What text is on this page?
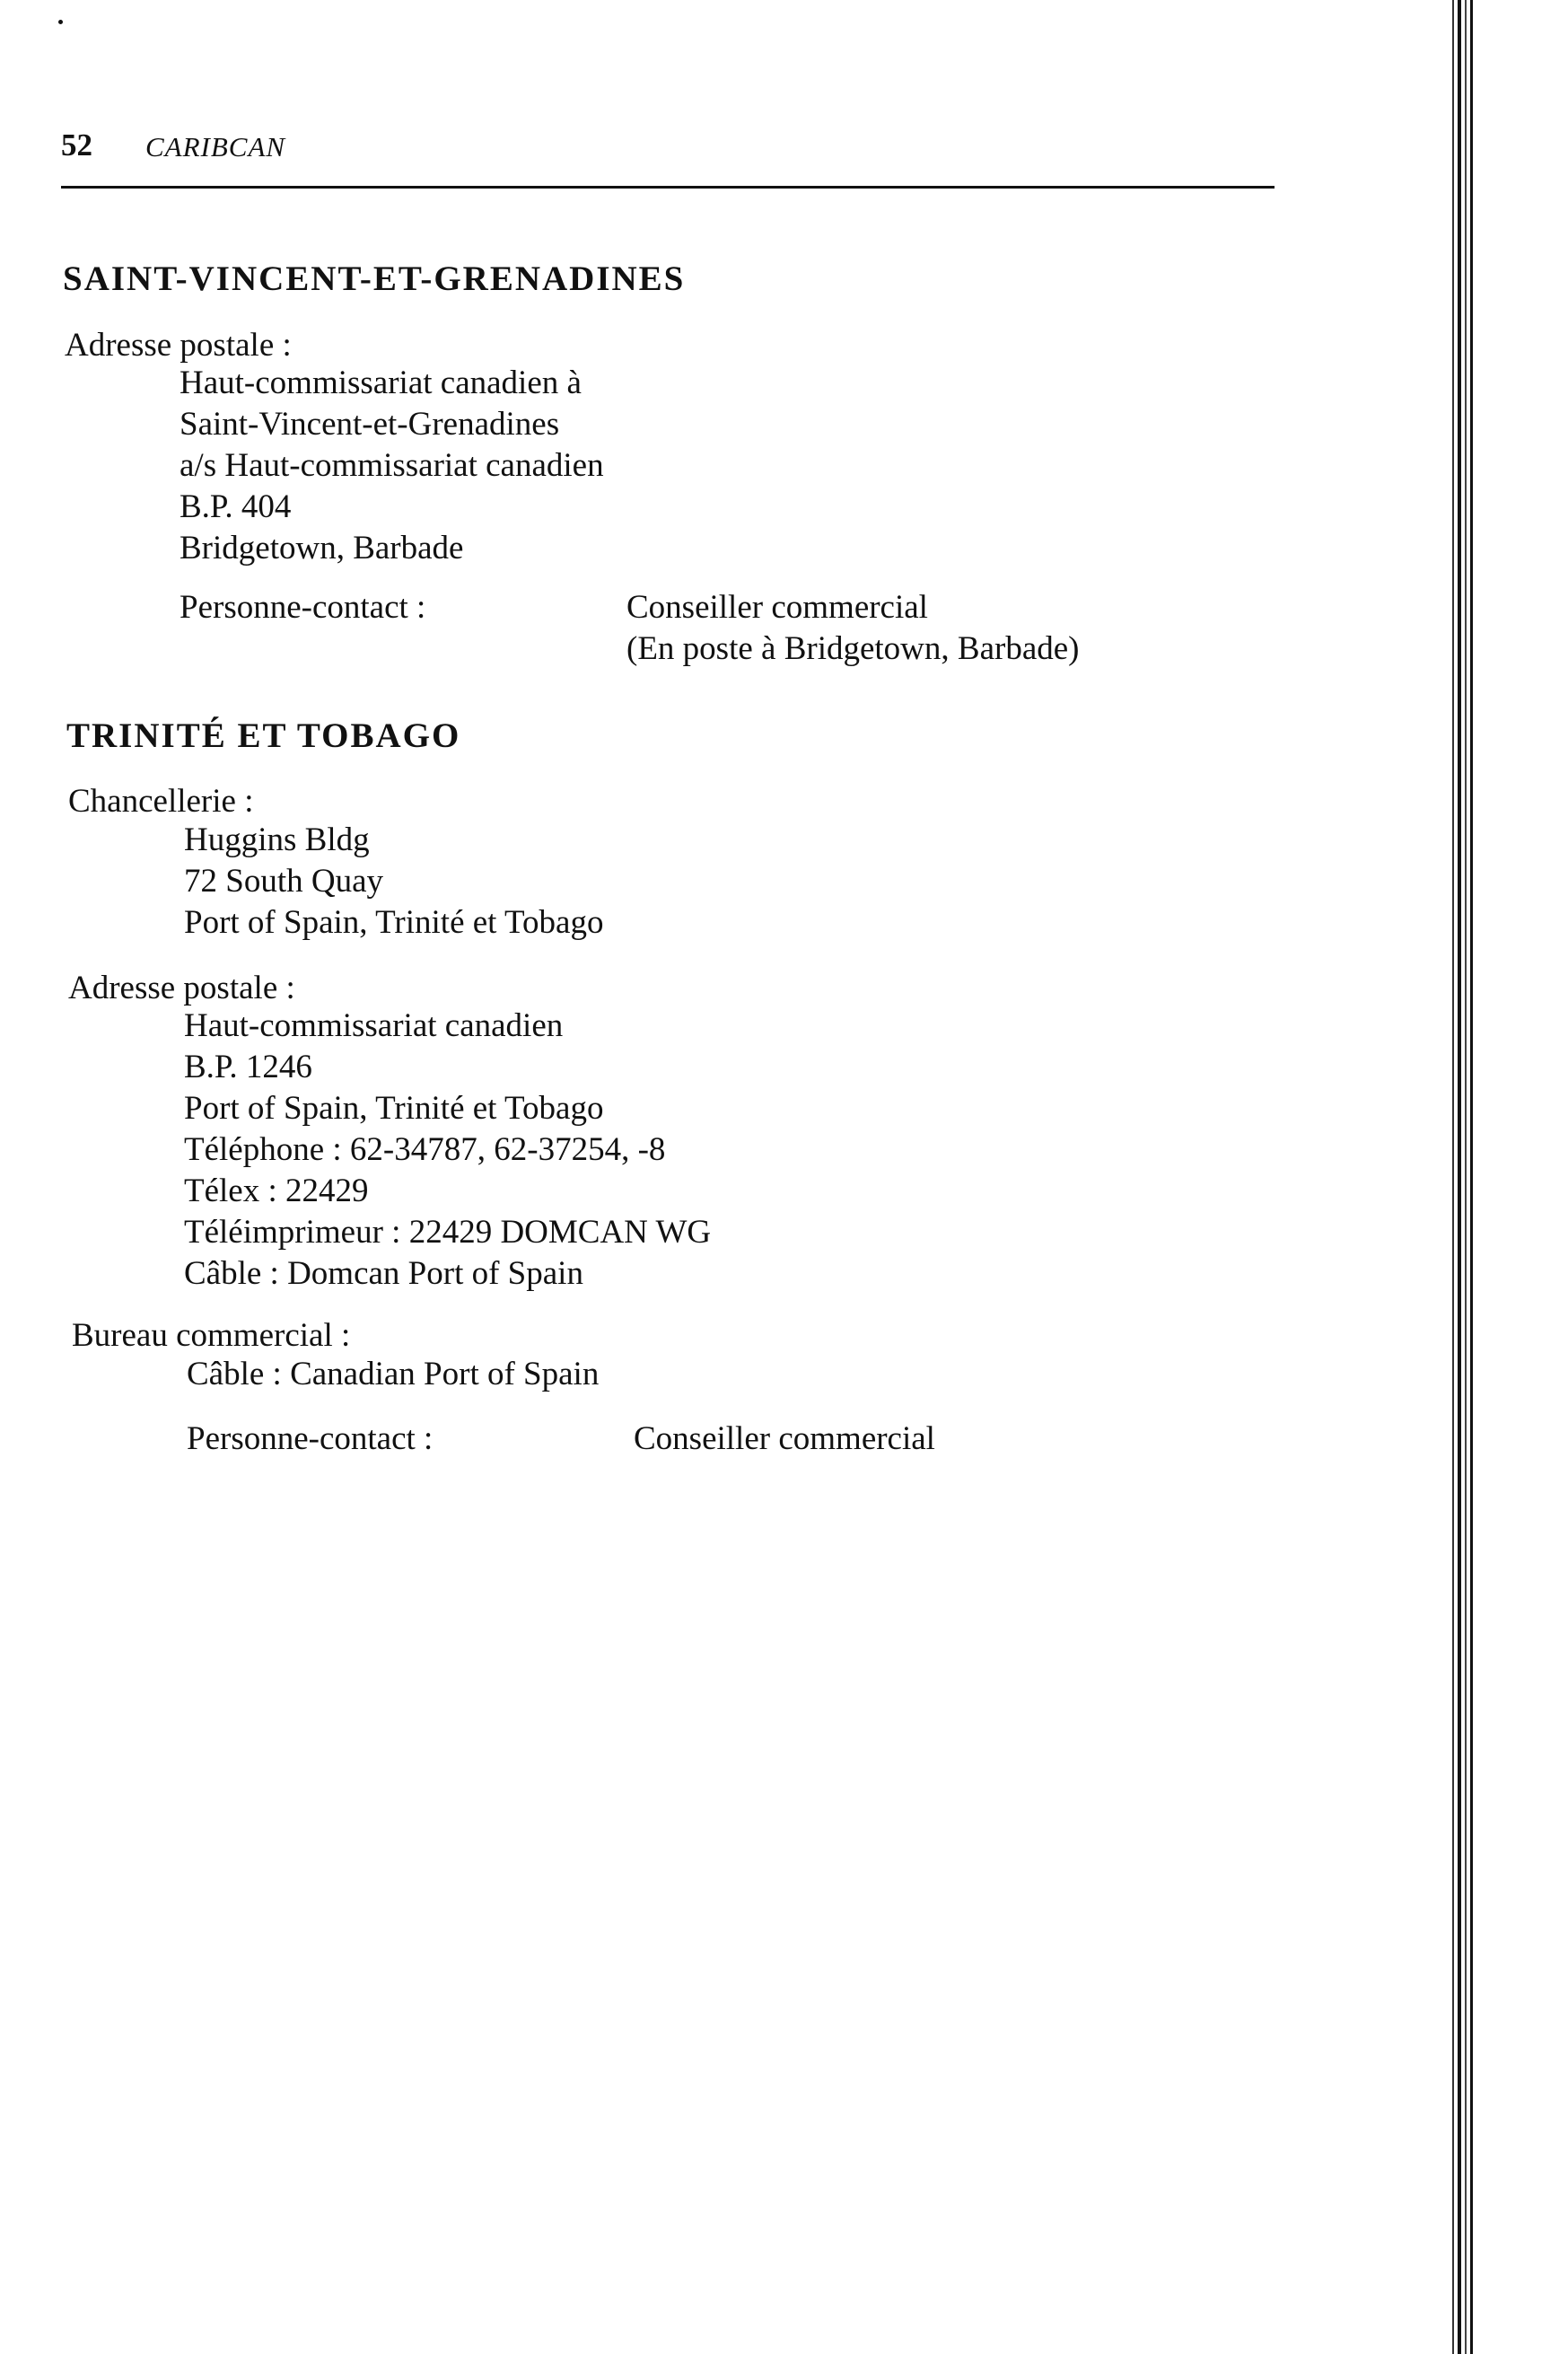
52 CARIBCAN
SAINT-VINCENT-ET-GRENADINES
Adresse postale :
Haut-commissariat canadien à
Saint-Vincent-et-Grenadines
a/s Haut-commissariat canadien
B.P. 404
Bridgetown, Barbade
Personne-contact :	Conseiller commercial
(En poste à Bridgetown, Barbade)
TRINITÉ ET TOBAGO
Chancellerie :
Huggins Bldg
72 South Quay
Port of Spain, Trinité et Tobago
Adresse postale :
Haut-commissariat canadien
B.P. 1246
Port of Spain, Trinité et Tobago
Téléphone : 62-34787, 62-37254, -8
Télex : 22429
Téléimprimeur : 22429 DOMCAN WG
Câble : Domcan Port of Spain
Bureau commercial :
Câble : Canadian Port of Spain
Personne-contact :	Conseiller commercial
